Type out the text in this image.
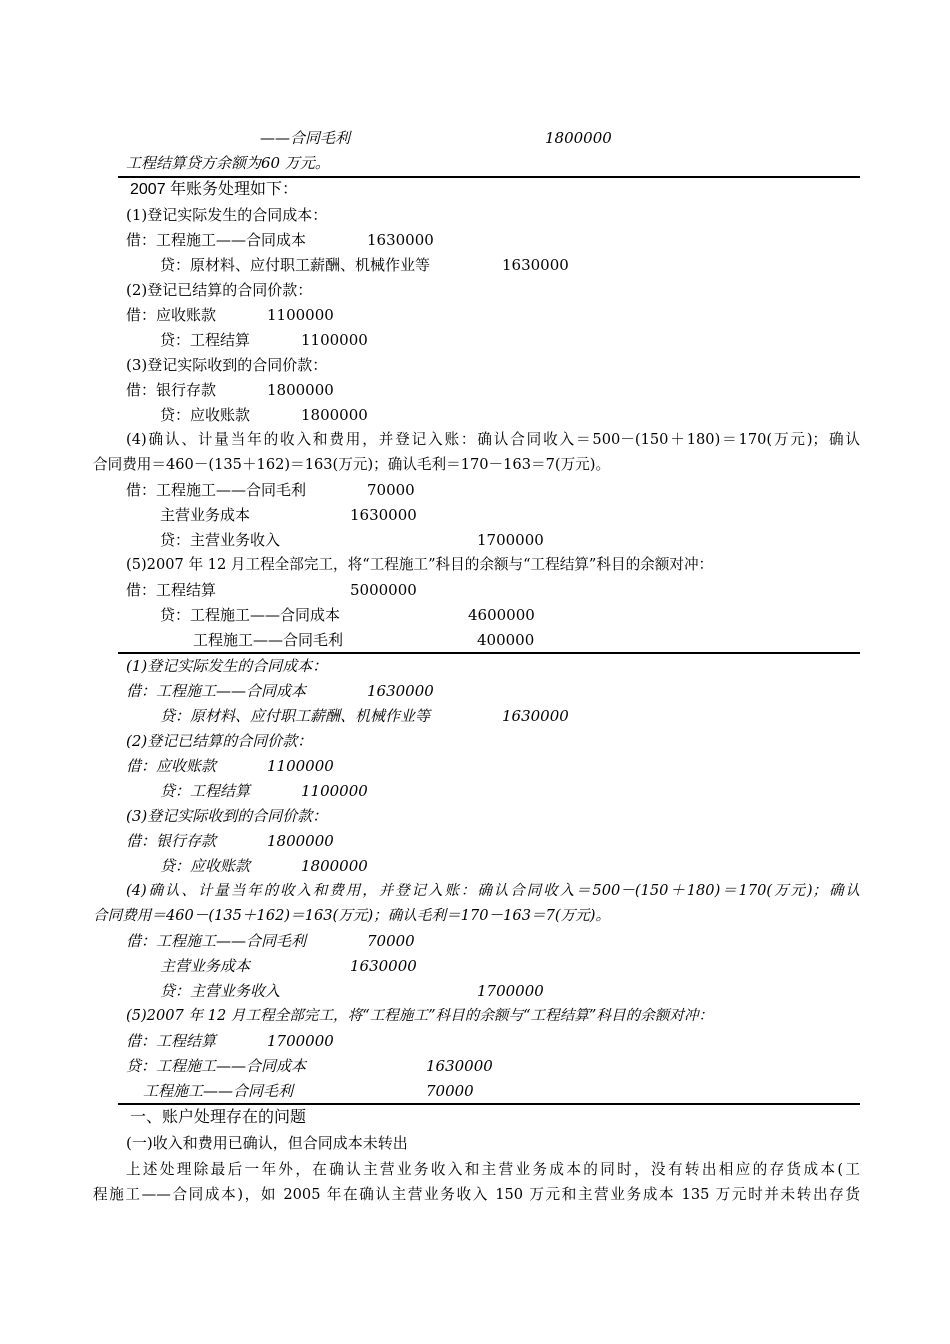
——合同毛利	1800000
工程结算贷方余额为60 万元。
2007 年账务处理如下：
(1)登记实际发生的合同成本：
借：工程施工——合同成本	1630000
贷：原材料、应付职工薪酬、机械作业等	1630000
(2)登记已结算的合同价款：
借：应收账款	1100000
贷：工程结算	1100000
(3)登记实际收到的合同价款：
借：银行存款	1800000
贷：应收账款	1800000
(4)确认、计量当年的收入和费用，并登记入账：确认合同收入＝500－(150＋180)＝170(万元)；确认
合同费用＝460－(135＋162)＝163(万元)；确认毛利＝170－163＝7(万元)。
借：工程施工——合同毛利	70000
主营业务成本	1630000
贷：主营业务收入	1700000
(5)2007 年 12 月工程全部完工，将“工程施工”科目的余额与“工程结算”科目的余额对冲：
借：工程结算	5000000
贷：工程施工——合同成本	4600000
工程施工——合同毛利	400000
(1)登记实际发生的合同成本：
借：工程施工——合同成本	1630000
贷：原材料、应付职工薪酬、机械作业等	1630000
(2)登记已结算的合同价款：
借：应收账款	1100000
贷：工程结算	1100000
(3)登记实际收到的合同价款：
借：银行存款	1800000
贷：应收账款	1800000
(4)确认、计量当年的收入和费用，并登记入账：确认合同收入＝500－(150＋180)＝170(万元)；确认
合同费用＝460－(135＋162)＝163(万元)；确认毛利＝170－163＝7(万元)。
借：工程施工——合同毛利	70000
主营业务成本	1630000
贷：主营业务收入	1700000
(5)2007 年 12 月工程全部完工，将“工程施工”科目的余额与“工程结算”科目的余额对冲：
借：工程结算	1700000
贷：工程施工——合同成本	1630000
工程施工——合同毛利	70000
一、账户处理存在的问题
(一)收入和费用已确认，但合同成本未转出
上述处理除最后一年外，在确认主营业务收入和主营业务成本的同时，没有转出相应的存货成本(工
程施工——合同成本)，如 2005 年在确认主营业务收入 150 万元和主营业务成本 135 万元时并未转出存货
